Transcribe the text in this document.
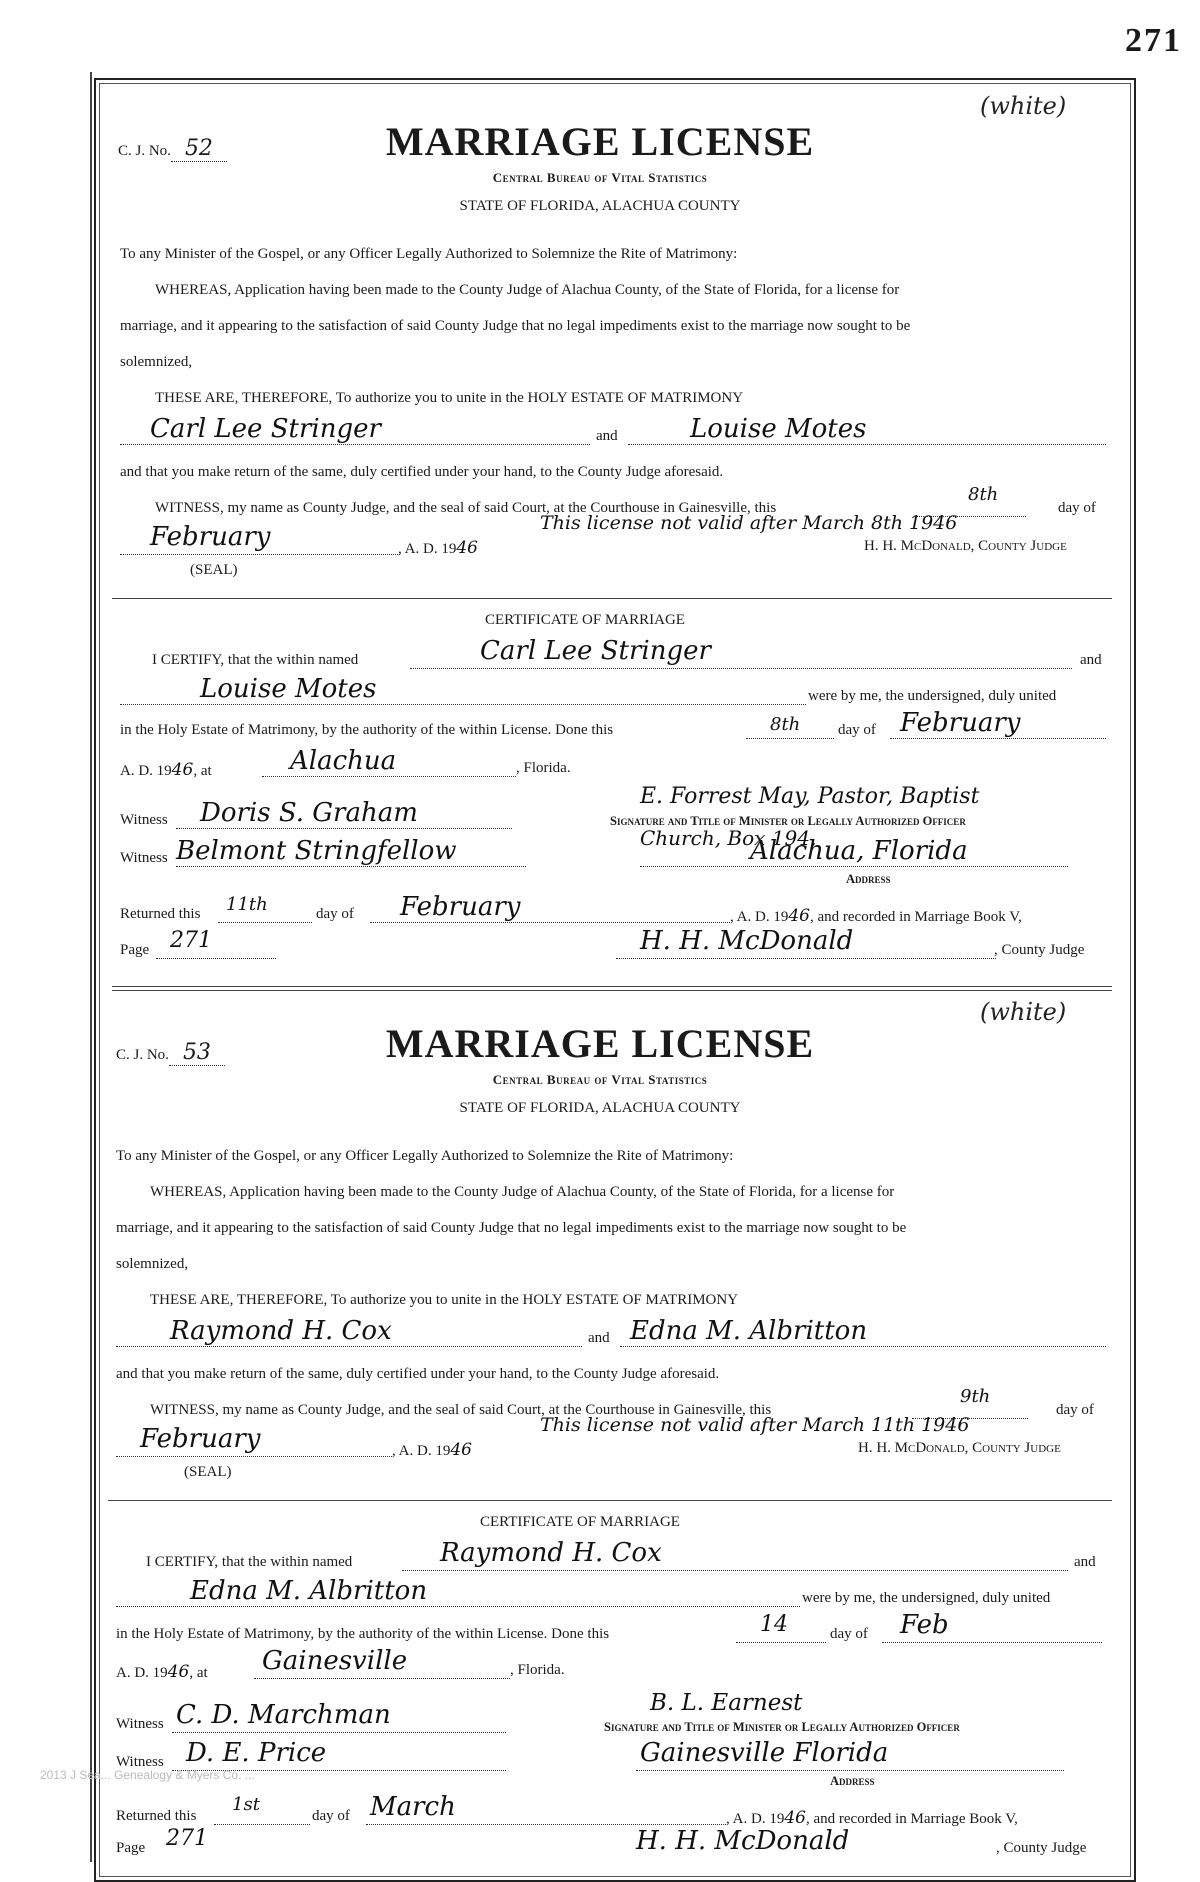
271
C. J. No. 52
(white)
MARRIAGE LICENSE
Central Bureau of Vital Statistics
STATE OF FLORIDA, ALACHUA COUNTY
To any Minister of the Gospel, or any Officer Legally Authorized to Solemnize the Rite of Matrimony:
WHEREAS, Application having been made to the County Judge of Alachua County, of the State of Florida, for a license for
marriage, and it appearing to the satisfaction of said County Judge that no legal impediments exist to the marriage now sought to be
solemnized,
THESE ARE, THEREFORE, To authorize you to unite in the HOLY ESTATE OF MATRIMONY
Carl Lee Stringer	and	Louise Motes
and that you make return of the same, duly certified under your hand, to the County Judge aforesaid.
WITNESS, my name as County Judge, and the seal of said Court, at the Courthouse in Gainesville, this
8th
day of
This license not valid after March 8th 1946
February	, A. D. 1946	H. H. McDonald, County Judge
(SEAL)
CERTIFICATE OF MARRIAGE
I CERTIFY, that the within named	Carl Lee Stringer	and
Louise Motes	were by me, the undersigned, duly united
in the Holy Estate of Matrimony, by the authority of the within License. Done this	8th	day of February
A. D. 1946, at	Alachua	, Florida.
E. Forrest May, Pastor, Baptist
Witness Doris S. Graham	Signature and Title of Minister or Legally Authorized Officer
Church, Box 194,
Witness Belmont Stringfellow	Alachua, Florida
Address
Returned this 11th	day of February	, A. D. 1946, and recorded in Marriage Book V,
Page 271	H. H. McDonald	, County Judge
C. J. No. 53
(white)
MARRIAGE LICENSE
Central Bureau of Vital Statistics
STATE OF FLORIDA, ALACHUA COUNTY
To any Minister of the Gospel, or any Officer Legally Authorized to Solemnize the Rite of Matrimony:
WHEREAS, Application having been made to the County Judge of Alachua County, of the State of Florida, for a license for
marriage, and it appearing to the satisfaction of said County Judge that no legal impediments exist to the marriage now sought to be
solemnized,
THESE ARE, THEREFORE, To authorize you to unite in the HOLY ESTATE OF MATRIMONY
Raymond H. Cox	and Edna M. Albritton
and that you make return of the same, duly certified under your hand, to the County Judge aforesaid.
WITNESS, my name as County Judge, and the seal of said Court, at the Courthouse in Gainesville, this
9th
day of
This license not valid after March 11th 1946
February	, A. D. 1946	H. H. McDonald, County Judge
(SEAL)
CERTIFICATE OF MARRIAGE
I CERTIFY, that the within named	Raymond H. Cox	and
Edna M. Albritton	were by me, the undersigned, duly united
in the Holy Estate of Matrimony, by the authority of the within License. Done this	14	day of Feb
A. D. 1946, at Gainesville	, Florida.
B. L. Earnest
Witness C. D. Marchman	Signature and Title of Minister or Legally Authorized Officer
Witness D. E. Price	Gainesville Florida
Address
Returned this
1st
day of March	, A. D. 1946, and recorded in Marriage Book V,
Page 271	H. H. McDonald	, County Judge
2013 J Sea... Genealogy & Myers Co. ...
